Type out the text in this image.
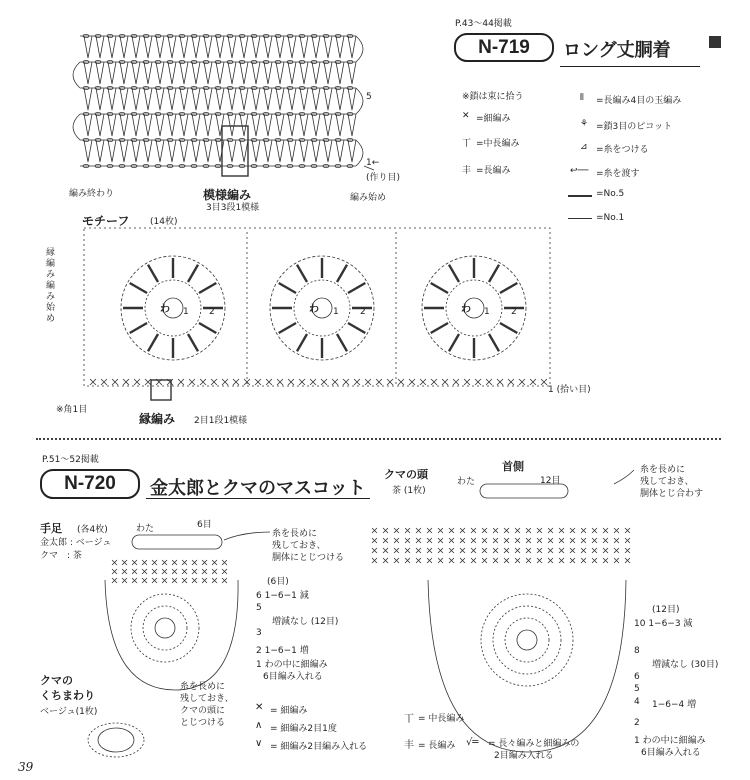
P.43～44掲載
N-719	ロング丈胴着
編み終わり	模様編み
3目3段1模様
編み始め
5
1←
(作り目)
※鎖は束に拾う
✕ =細編み
丅 =中長編み
丰 =長編み
⫴ =長編み4目の玉編み
⚘ =鎖3目のピコット
⊿ =糸をつける
↩── =糸を渡す
=No.5
=No.1
モチーフ (14枚)
縁編み編み始め
※角1目
縁編み 2目1段1模様
1 (拾い目)
わ	わ	わ
1 2	1 2	1 2
P.51～52掲載
N-720	金太郎とクマのマスコット
手足 (各4枚)
金太郎 : ベージュ
クマ　: 茶
わた	6目
糸を長めに
残しておき、
胴体にとじつける
(6目)
6 1−6−1 減
5
増減なし (12目)
3
2 1−6−1 増
1 わの中に細編み
6目編み入れる
クマの
くちまわり
ベージュ(1枚)
糸を長めに
残しておき、
クマの頭に
とじつける
クマの頭
茶 (1枚)
首側
わた	12目
糸を長めに
残しておき、
胴体とじ合わす
(12目)
10 1−6−3 減
8
増減なし (30目)
6
5
4 1−6−4 増
2
1 わの中に細編み
6目編み入れる
✕ = 細編み
∧ = 細編み2目1度
∨ = 細編み2目編み入れる
丅 = 中長編み
丰 = 長編み √═ = 長々編みと細編みの
2目編み入れる
39
